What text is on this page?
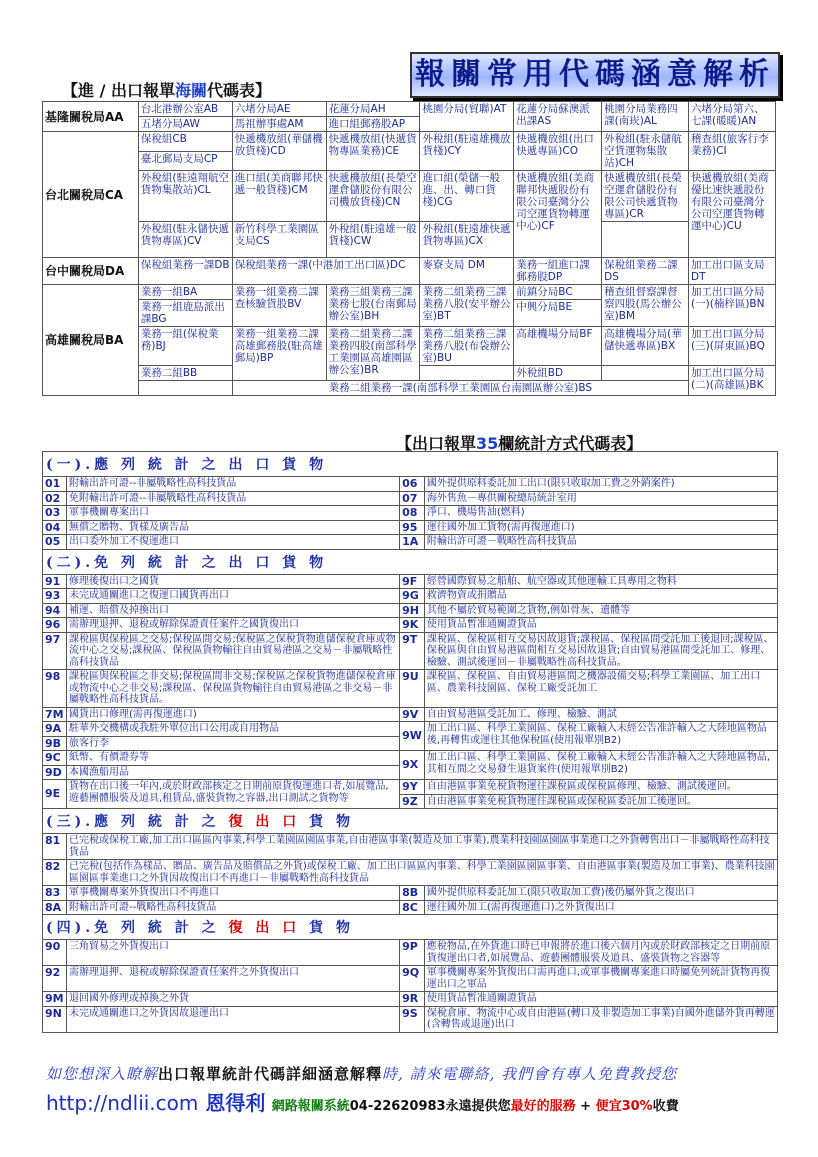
報關常用代碼涵意解析
【進 / 出口報單海關代碼表】
基隆關稅局AA	台北港辦公室AB	六堵分局AE	花蓮分局AH	桃園分局(貿聯)AT	花蓮分局蘇澳派出課AS	桃園分局業務四課(南崁)AL	六堵分局第六、七課(暖暖)AN
	五堵分局AW	馬祖辦事處AM	進口組郵務股AP				
台北關稅局CA	保稅組CB	快遞機放組(華儲機放貨棧)CD	快遞機放組(快遞貨物專區業務)CE	外稅組(駐遠雄機放貨棧)CY	快遞機放組(出口快遞專區)CO	外稅組(駐永儲航空貨運物集散站)CH	稽查組(旅客行李業務)CI
	臺北郵局支局CP						
	外稅組(駐遠翔航空貨物集散站)CL	進口組(美商聯邦快遞一般貨棧)CM	快遞機放組(長榮空運倉儲股份有限公司機放貨棧)CN	進口組(榮儲一般進、出、轉口貨棧)CG	快遞機放組(美商聯邦快遞股份有限公司臺灣分公司空運貨物轉運中心)CF	快遞機放組(長榮空運倉儲股份有限公司快遞貨物專區)CR	快遞機放組(美商優比速快遞股份有限公司臺灣分公司空運貨物轉運中心)CU
	外稅組(駐永儲快遞貨物專區)CV	新竹科學工業園區支局CS	外稅組(駐遠雄一般貨棧)CW	外稅組(駐遠雄快遞貨物專區)CX			
台中關稅局DA	保稅組業務一課DB	保稅組業務一課(中港加工出口區)DC		麥寮支局 DM	業務一組進口課郵務股DP	保稅組業務二課DS	加工出口區支局DT
高雄關稅局BA	業務一組BA	業務一組業務二課查核驗貨股BV	業務三組業務三課業務七股(台南郵局辦公室)BH	業務二組業務三課業務八股(安平辦公室)BT	前鎮分局BC	稽查組督察課督察四股(馬公辦公室)BM	加工出口區分局(一)(楠梓區)BN
	業務一組鹿島派出課BG				中興分局BE		
	業務一組(保稅業務)BJ	業務一組業務二課高雄郵務股(駐高雄郵局)BP	業務二組業務二課業務四股(南部科學工業園區高雄園區辦公室)BR	業務二組業務三課業務八股(布袋辦公室)BU	高雄機場分局BF	高雄機場分局(華儲快遞專區)BX	加工出口區分局(三)(屏東區)BQ
	業務二組BB				外稅組BD		加工出口區分局(二)(高雄區)BK
		業務二組業務一課(南部科學工業園區台南園區辦公室)BS					
【出口報單35欄統計方式代碼表】
(一).應 列 統 計 之 出 口 貨 物			
01	附輸出許可證--非屬戰略性高科技貨品	06	國外提供原料委託加工出口(限只收取加工費之外銷案件)
02	免附輸出許可證--非屬戰略性高科技貨品	07	海外售魚－專供關稅總局統計室用
03	軍事機關專案出口	08	淨口、機場售油(燃料)
04	無償之贈物、貨樣及廣告品	95	運往國外加工貨物(需再復運進口)
05	出口委外加工不復運進口	1A	附輸出許可證－戰略性高科技貨品
(二).免 列 統 計 之 出 口 貨 物			
91	修理後復出口之國貨	9F	經營國際貿易之船舶、航空器或其他運輸工具專用之物料
93	未完成通關進口之復運口國貨再出口	9G	救濟物資或捐贈品
94	補運、賠償及掉換出口	9H	其他不屬於貿易範圍之貨物,例如骨灰、遺體等
96	需辦理退押、退稅或解除保證責任案件之國貨復出口	9K	使用貨品暫准通關證貨品
97	課稅區與保稅區之交易;保稅區間交易;保稅區之保稅貨物進儲保稅倉庫或物流中心之交易;課稅區、保稅區貨物輸往自由貿易港區之交易－非屬戰略性高科技貨品	9T	課稅區、保稅區相互交易因故退貨;課稅區、保稅區間受託加工後退回;課稅區、保稅區與自由貿易港區間相互交易因故退貨;自由貿易港區間受託加工、修理、檢驗、測試後運回－非屬戰略性高科技貨品。
98	課稅區與保稅區之非交易;保稅區間非交易;保稅區之保稅貨物進儲保稅倉庫或物流中心之非交易;課稅區、保稅區貨物輸往自由貿易港區之非交易－非屬戰略性高科技貨品。	9U	課稅區、保稅區、自由貿易港區間之機器設備交易;科學工業園區、加工出口區、農業科技園區、保稅工廠受託加工
7M	國貨出口修理(需再復運進口)	9V	自由貿易港區受託加工、修理、檢驗、測試
9A	駐華外交機構或我駐外單位出口公用或自用物品	9W	加工出口區、科學工業園區、保稅工廠輸入未經公告准許輸入之大陸地區物品後,再轉售或運往其他保稅區(使用報單別B2)
9B	旅客行李		
9C	紙幣、有價證券等	9X	加工出口區、科學工業園區、保稅工廠輸入未經公告准許輸入之大陸地區物品,其相互間之交易發生退貨案件(使用報單別B2)
9D	本國漁船用品		
9E	貨物在出口後一年內,或於財政部核定之日期前原貨復運進口者,如展覽品,遊藝團體服裝及道具,租賃品,盛裝貨物之容器,出口測試之貨物等	9Y	自由港區事業免稅貨物運往課稅區或保稅區修理、檢驗、測試後運回。
		9Z	自由港區事業免稅貨物運往課稅區或保稅區委託加工後運回。
(三).應 列 統 計 之 復 出 口 貨 物			
81	已完稅或保稅工廠,加工出口區區內事業,科學工業園區園區事業,自由港區事業(製造及加工事業),農業科技園區園區事業進口之外貨轉售出口－非屬戰略性高科技貨品		
82	已完稅(包括作為樣品、贈品、廣告品及賠償品之外貨)或保稅工廠、加工出口區區內事業、科學工業園區園區事業、自由港區事業(製造及加工事業)、農業科技園區園區事業進口之外貨因故復出口不再進口－非屬戰略性高科技貨品		
83	軍事機關專案外貨復出口不再進口	8B	國外提供原料委託加工(限只收取加工費)後仍屬外貨之復出口
8A	附輸出許可證--戰略性高科技貨品	8C	運往國外加工(需再復運進口)之外貨復出口
(四).免 列 統 計 之 復 出 口 貨 物			
90	三角貿易之外貨復出口	9P	應稅物品,在外貨進口時已申報將於進口後六個月內或於財政部核定之日期前原貨復運出口者,如展覽品、遊藝團體服裝及道具、盛裝貨物之容器等
92	需辦理退押、退稅或解除保證責任案件之外貨復出口	9Q	軍事機關專案外貨復出口需再進口,或軍事機關專案進口時屬免列統計貨物再復運出口之軍品
9M	退回國外修理或掉換之外貨	9R	使用貨品暫准通關證貨品
9N	未完成通關進口之外貨因故退運出口	9S	保稅倉庫、物流中心或自由港區(轉口及非製造加工事業)自國外進儲外貨再轉運(含轉售或退運)出口
如您想深入瞭解出口報單統計代碼詳細涵意解釋時, 請來電聯絡, 我們會有專人免費教授您
http://ndlii.com 恩得利 網路報關系統04-22620983永遠提供您最好的服務 + 便宜30%收費
